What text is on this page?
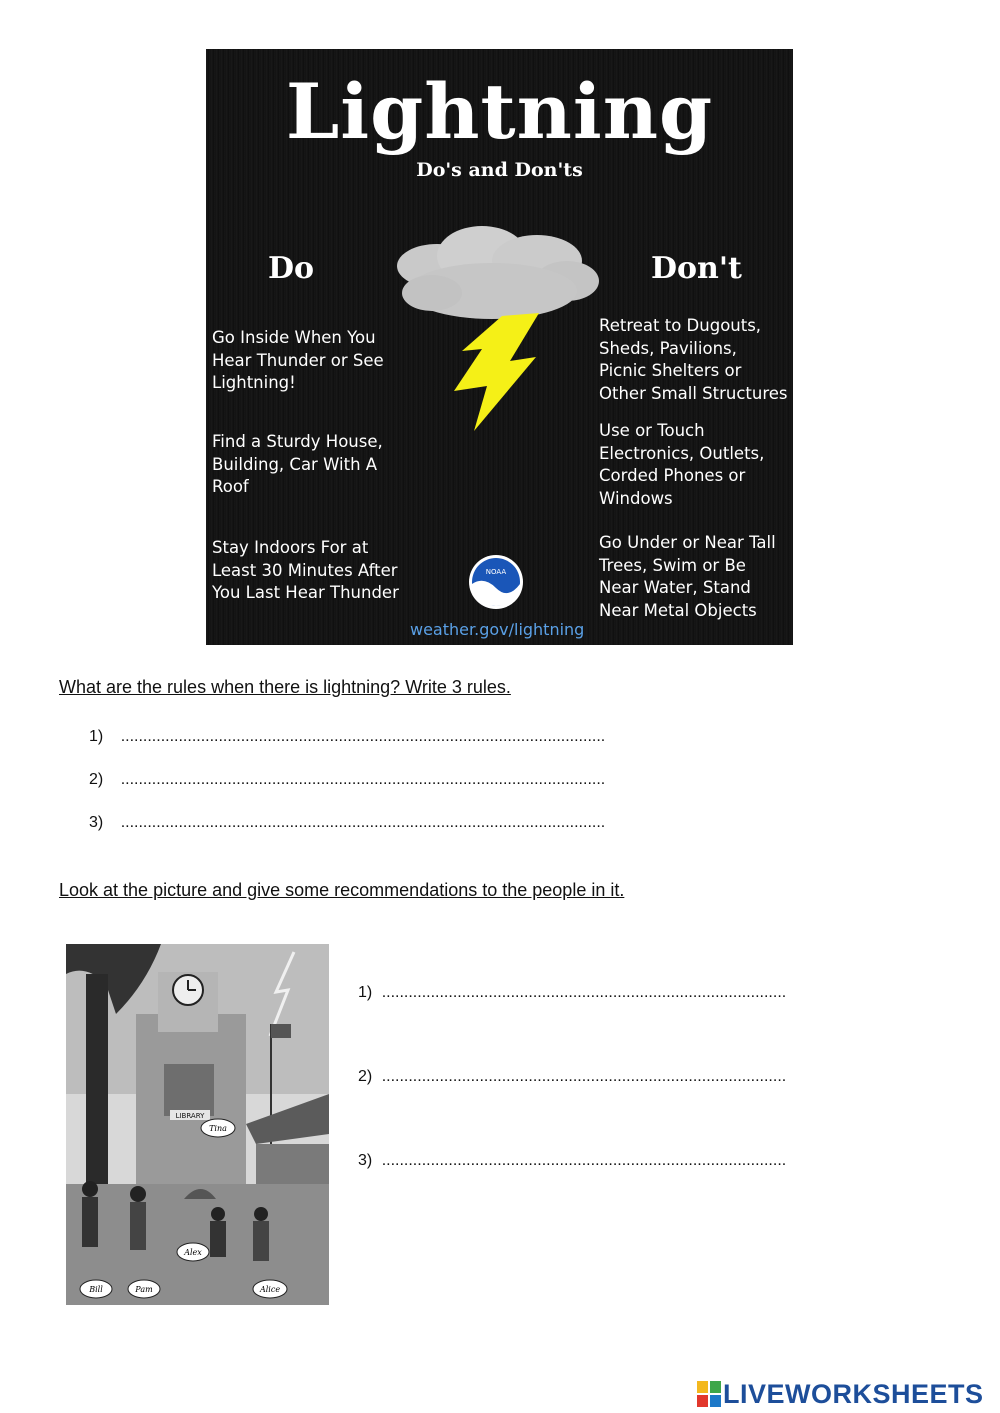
Lightning
Do's and Don'ts
Do	Don't
Go Inside When You Hear Thunder or See Lightning!
Find a Sturdy House, Building, Car With A Roof
Stay Indoors For at Least 30 Minutes After You Last Hear Thunder
Retreat to Dugouts, Sheds, Pavilions, Picnic Shelters or Other Small Structures
Use or Touch Electronics, Outlets, Corded Phones or Windows
Go Under or Near Tall Trees, Swim or Be Near Water, Stand Near Metal Objects
NOAA
weather.gov/lightning
What are the rules when there is lightning? Write 3 rules.
1) .............................................................................................................
2) .............................................................................................................
3) .............................................................................................................
Look at the picture and give some recommendations to the people in it.
LIBRARY
Tina
Alex
Bill	Pam	Alice
1) ...........................................................................................
2) ...........................................................................................
3) ...........................................................................................
LIVEWORKSHEETS
